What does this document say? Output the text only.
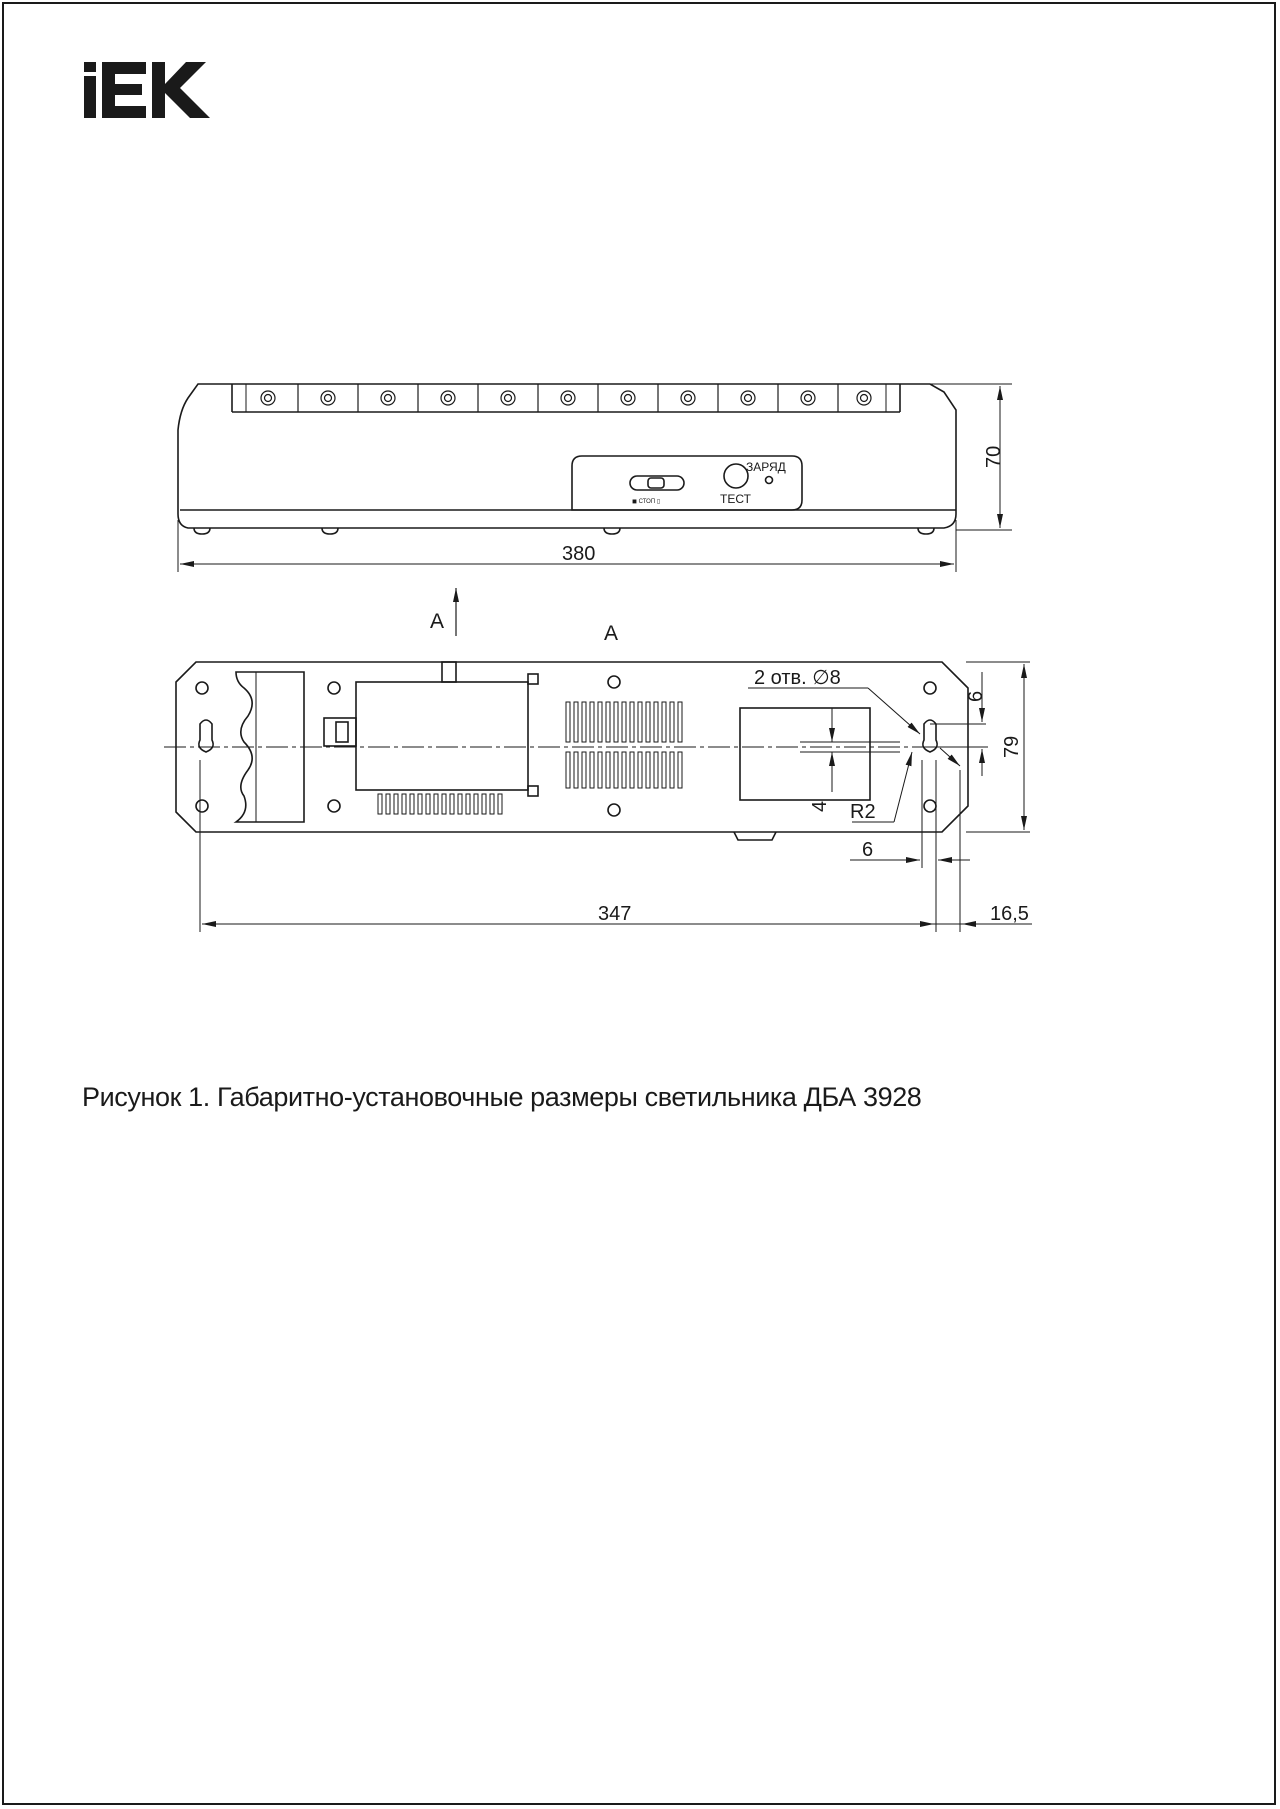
ЗАРЯД
ТЕСТ
◼ СТОП ▯
70
380
А
А
2 отв. ∅8
6
79
4 R2
6
347	16,5
Рисунок 1. Габаритно-установочные размеры светильника ДБА 3928
